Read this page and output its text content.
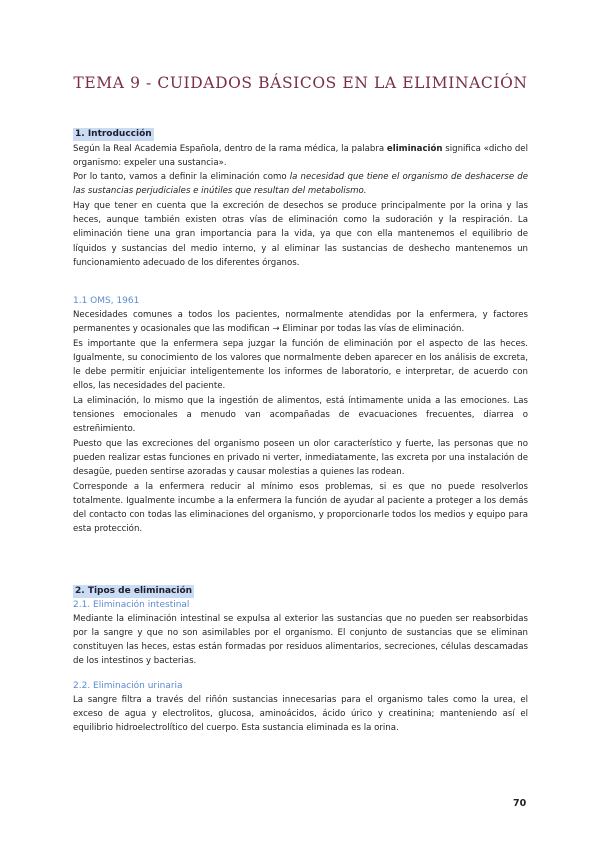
TEMA 9 - CUIDADOS BÁSICOS EN LA ELIMINACIÓN
1. Introducción

Según la Real Academia Española, dentro de la rama médica, la palabra eliminación significa «dicho del organismo: expeler una sustancia».

Por lo tanto, vamos a definir la eliminación como la necesidad que tiene el organismo de deshacerse de las sustancias perjudiciales e inútiles que resultan del metabolismo.

Hay que tener en cuenta que la excreción de desechos se produce principalmente por la orina y las heces, aunque también existen otras vías de eliminación como la sudoración y la respiración. La eliminación tiene una gran importancia para la vida, ya que con ella mantenemos el equilibrio de líquidos y sustancias del medio interno, y al eliminar las sustancias de deshecho mantenemos un funcionamiento adecuado de los diferentes órganos.

1.1 OMS, 1961

Necesidades comunes a todos los pacientes, normalmente atendidas por la enfermera, y factores permanentes y ocasionales que las modifican → Eliminar por todas las vías de eliminación.

Es importante que la enfermera sepa juzgar la función de eliminación por el aspecto de las heces. Igualmente, su conocimiento de los valores que normalmente deben aparecer en los análisis de excreta, le debe permitir enjuiciar inteligentemente los informes de laboratorio, e interpretar, de acuerdo con ellos, las necesidades del paciente.

La eliminación, lo mismo que la ingestión de alimentos, está íntimamente unida a las emociones. Las tensiones emocionales a menudo van acompañadas de evacuaciones frecuentes, diarrea o estreñimiento.

Puesto que las excreciones del organismo poseen un olor característico y fuerte, las personas que no pueden realizar estas funciones en privado ni verter, inmediatamente, las excreta por una instalación de desagüe, pueden sentirse azoradas y causar molestias a quienes las rodean.

Corresponde a la enfermera reducir al mínimo esos problemas, si es que no puede resolverlos totalmente. Igualmente incumbe a la enfermera la función de ayudar al paciente a proteger a los demás del contacto con todas las eliminaciones del organismo, y proporcionarle todos los medios y equipo para esta protección.

2. Tipos de eliminación
2.1. Eliminación intestinal

Mediante la eliminación intestinal se expulsa al exterior las sustancias que no pueden ser reabsorbidas por la sangre y que no son asimilables por el organismo. El conjunto de sustancias que se eliminan constituyen las heces, estas están formadas por residuos alimentarios, secreciones, células descamadas de los intestinos y bacterias.

2.2. Eliminación urinaria

La sangre filtra a través del riñón sustancias innecesarias para el organismo tales como la urea, el exceso de agua y electrolitos, glucosa, aminoácidos, ácido úrico y creatinina; manteniendo así el equilibrio hidroelectrolítico del cuerpo. Esta sustancia eliminada es la orina.

70
